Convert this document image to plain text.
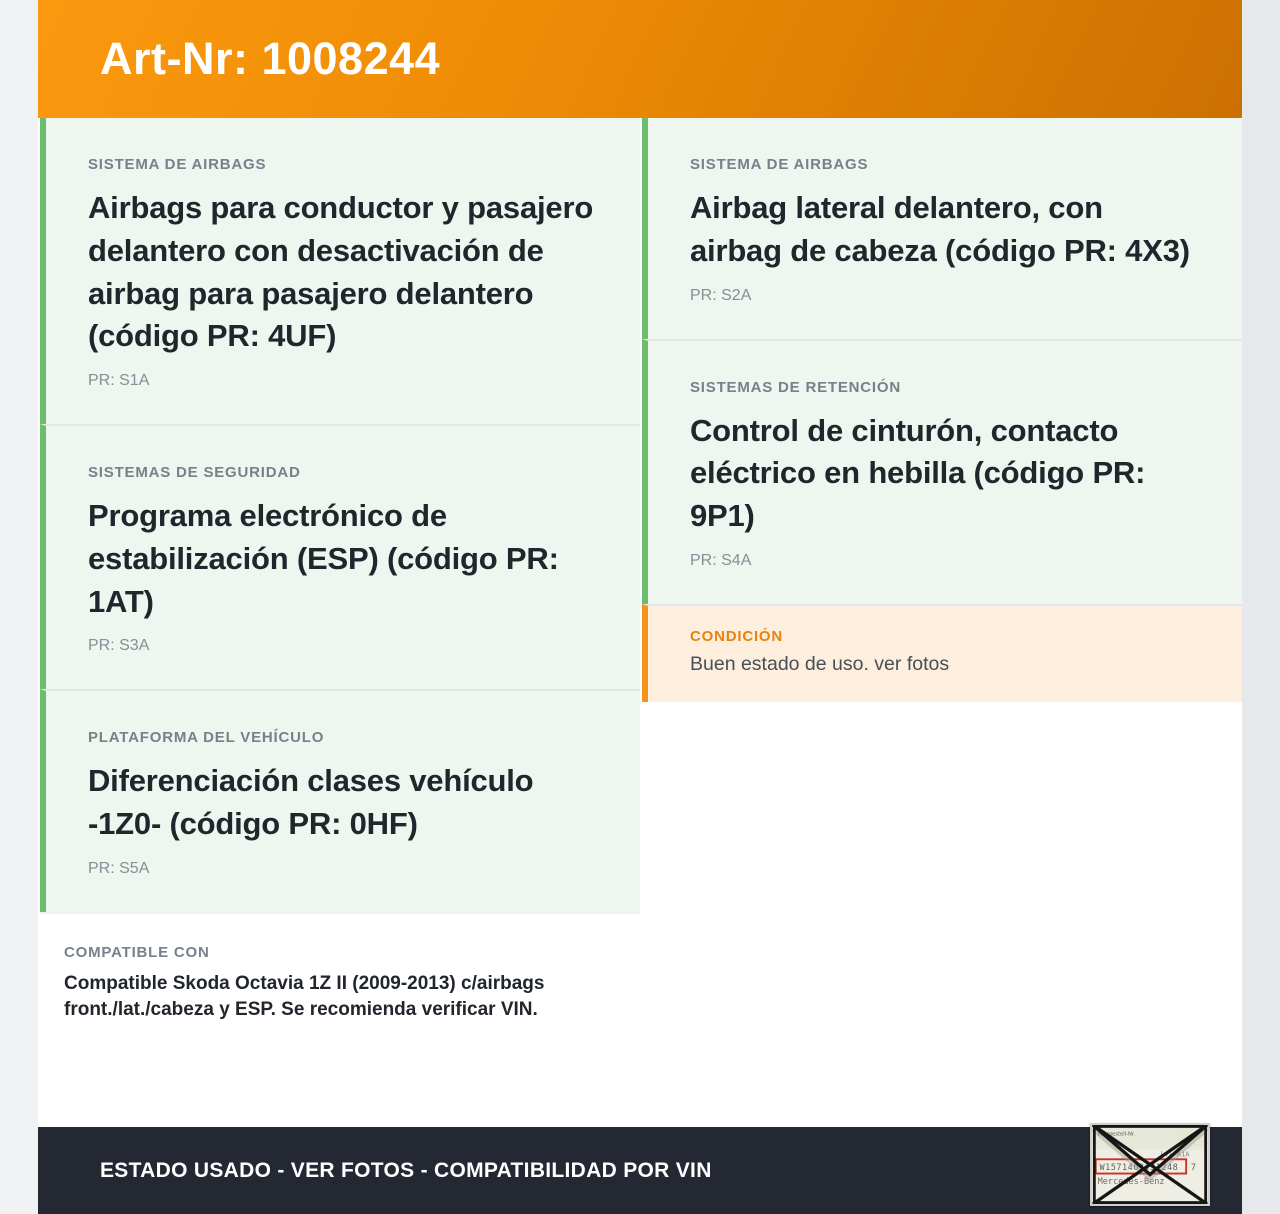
Art-Nr: 1008244
SISTEMA DE AIRBAGS
Airbags para conductor y pasajero delantero con desactivación de airbag para pasajero delantero (código PR: 4UF)
PR: S1A
SISTEMAS DE SEGURIDAD
Programa electrónico de estabilización (ESP) (código PR: 1AT)
PR: S3A
PLATAFORMA DEL VEHÍCULO
Diferenciación clases vehículo -1Z0- (código PR: 0HF)
PR: S5A
COMPATIBLE CON
Compatible Skoda Octavia 1Z II (2009-2013) c/airbags front./lat./cabeza y ESP. Se recomienda verificar VIN.
SISTEMA DE AIRBAGS
Airbag lateral delantero, con airbag de cabeza (código PR: 4X3)
PR: S2A
SISTEMAS DE RETENCIÓN
Control de cinturón, contacto eléctrico en hebilla (código PR: 9P1)
PR: S4A
CONDICIÓN
Buen estado de uso. ver fotos
ESTADO USADO - VER FOTOS - COMPATIBILIDAD POR VIN
Fahrgestell-Nr.
|4| A1A
W1571463J31248 7
Mercedes-Benz
